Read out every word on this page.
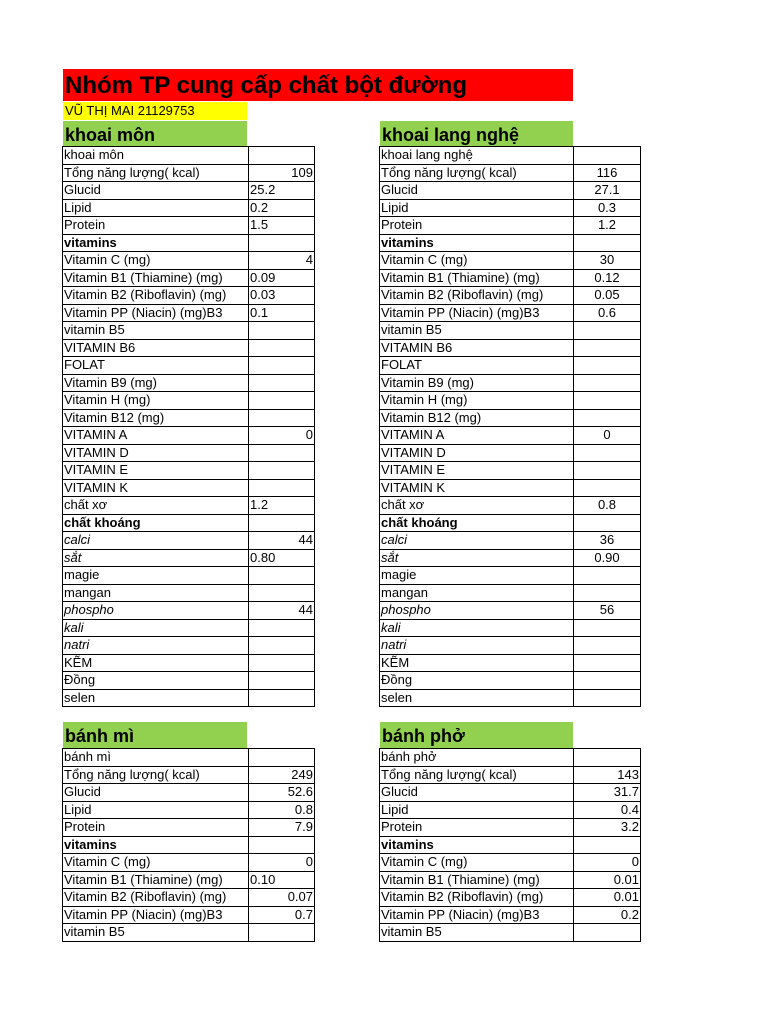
Nhóm TP cung cấp chất bột đường
VŨ THỊ MAI 21129753
khoai môn	khoai lang nghệ
bánh mì	bánh phở
khoai môn	
Tổng năng lượng( kcal)	109
Glucid	25.2
Lipid	0.2
Protein	1.5
vitamins	
Vitamin C (mg)	4
Vitamin B1 (Thiamine) (mg)	0.09
Vitamin B2 (Riboflavin) (mg)	0.03
Vitamin PP (Niacin) (mg)B3	0.1
vitamin B5	
VITAMIN B6	
FOLAT	
Vitamin B9 (mg)	
Vitamin H (mg)	
Vitamin B12 (mg)	
VITAMIN A	0
VITAMIN D	
VITAMIN E	
VITAMIN K	
chất xơ	1.2
chất khoáng	
calci	44
sắt	0.80
magie	
mangan	
phospho	44
kali	
natri	
KẼM	
Đồng	
selen	
khoai lang nghệ	
Tổng năng lượng( kcal)	116
Glucid	27.1
Lipid	0.3
Protein	1.2
vitamins	
Vitamin C (mg)	30
Vitamin B1 (Thiamine) (mg)	0.12
Vitamin B2 (Riboflavin) (mg)	0.05
Vitamin PP (Niacin) (mg)B3	0.6
vitamin B5	
VITAMIN B6	
FOLAT	
Vitamin B9 (mg)	
Vitamin H (mg)	
Vitamin B12 (mg)	
VITAMIN A	0
VITAMIN D	
VITAMIN E	
VITAMIN K	
chất xơ	0.8
chất khoáng	
calci	36
sắt	0.90
magie	
mangan	
phospho	56
kali	
natri	
KẼM	
Đồng	
selen	
bánh mì	
Tổng năng lượng( kcal)	249
Glucid	52.6
Lipid	0.8
Protein	7.9
vitamins	
Vitamin C (mg)	0
Vitamin B1 (Thiamine) (mg)	0.10
Vitamin B2 (Riboflavin) (mg)	0.07
Vitamin PP (Niacin) (mg)B3	0.7
vitamin B5	
bánh phở	
Tổng năng lượng( kcal)	143
Glucid	31.7
Lipid	0.4
Protein	3.2
vitamins	
Vitamin C (mg)	0
Vitamin B1 (Thiamine) (mg)	0.01
Vitamin B2 (Riboflavin) (mg)	0.01
Vitamin PP (Niacin) (mg)B3	0.2
vitamin B5	
